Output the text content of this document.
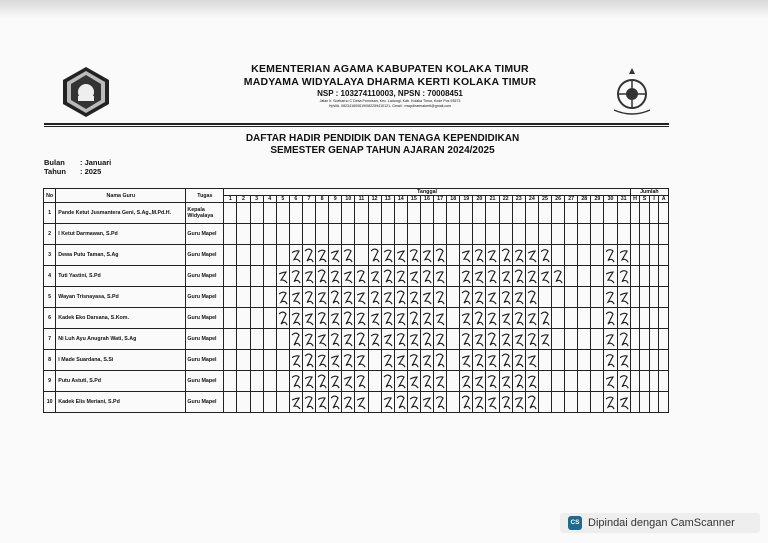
KEMENTERIAN AGAMA KABUPATEN KOLAKA TIMUR
MADYAMA WIDYALAYA DHARMA KERTI KOLAKA TIMUR
NSP : 103274110003, NPSN : 70008451
Jalan Ir. Soekarno C Desa Pomosan, Kec. Ladongi, Kab. Kolaka Timur, Kode Pos 93573
HpWA. 082341600619/082259410121, Gmail : mwpdharmakerti@gmail.com
DAFTAR HADIR PENDIDIK DAN TENAGA KEPENDIDIKAN
SEMESTER GENAP TAHUN AJARAN 2024/2025
Bulan : Januari
Tahun : 2025
No	Nama Guru	Tugas	Tanggal																															Jumlah			
			1	2	3	4	5	6	7	8	9	10	11	12	13	14	15	16	17	18	19	20	21	22	23	24	25	26	27	28	29	30	31	H	S	I	A
1	Pande Ketut Jusmantera Geni, S.Ag.,M.Pd.H.	Kepala Widyalaya																																			
2	I Ketut Darmawan, S.Pd	Guru Mapel																																			
3	Dewa Putu Taman, S.Ag	Guru Mapel						

4	Tuti Yastini, S.Pd	Guru Mapel					

5	Wayan Trisnayasa, S.Pd	Guru Mapel					

6	Kadek Eko Darsana, S.Kom.	Guru Mapel					

7	Ni Luh Ayu Anugrah Wati, S.Ag	Guru Mapel						

8	I Made Suardana, S.Si	Guru Mapel						

9	Putu Astuti, S.Pd	Guru Mapel						

10	Kadek Elis Meriani, S.Pd	Guru Mapel						

CS Dipindai dengan CamScanner
